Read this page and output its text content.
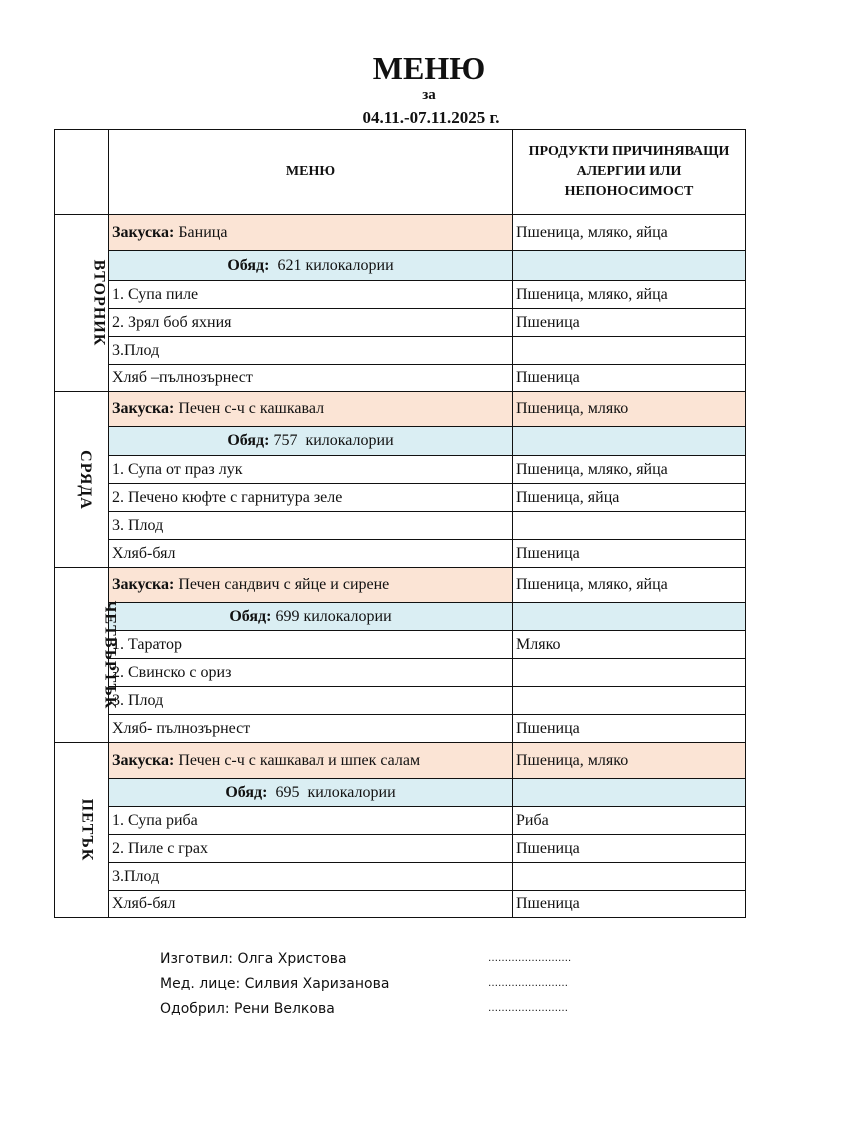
МЕНЮ
за
04.11.-07.11.2025 г.
	МЕНЮ	ПРОДУКТИ ПРИЧИНЯВАЩИ АЛЕРГИИ ИЛИ НЕПОНОСИМОСТ
ВТОРНИК	Закуска: Баница	Пшеница, мляко, яйца
	Обяд:  621 килокалории	
	1. Супа пиле	Пшеница, мляко, яйца
	2. Зрял боб яхния	Пшеница
	3.Плод	
	Хляб –пълнозърнест	Пшеница
СРЯДА	Закуска: Печен с-ч с кашкавал	Пшеница, мляко
	Обяд: 757  килокалории	
	1. Супа от праз лук	Пшеница, мляко, яйца
	2. Печено кюфте с гарнитура зеле	Пшеница, яйца
	3. Плод	
	Хляб-бял	Пшеница
ЧЕТВЪРТЪК	Закуска: Печен сандвич с яйце и сирене	Пшеница, мляко, яйца
	Обяд: 699 килокалории	
	1. Таратор	Мляко
	2. Свинско с ориз	
	3. Плод	
	Хляб- пълнозърнест	Пшеница
ПЕТЪК	Закуска: Печен с-ч с кашкавал и шпек салам	Пшеница, мляко
	Обяд:  695  килокалории	
	1. Супа риба	Риба
	2. Пиле с грах	Пшеница
	3.Плод	
	Хляб-бял	Пшеница
Изготвил: Олга Христова	…………………….
Мед. лице: Силвия Харизанова	……………………
Одобрил: Рени Велкова	……………………
